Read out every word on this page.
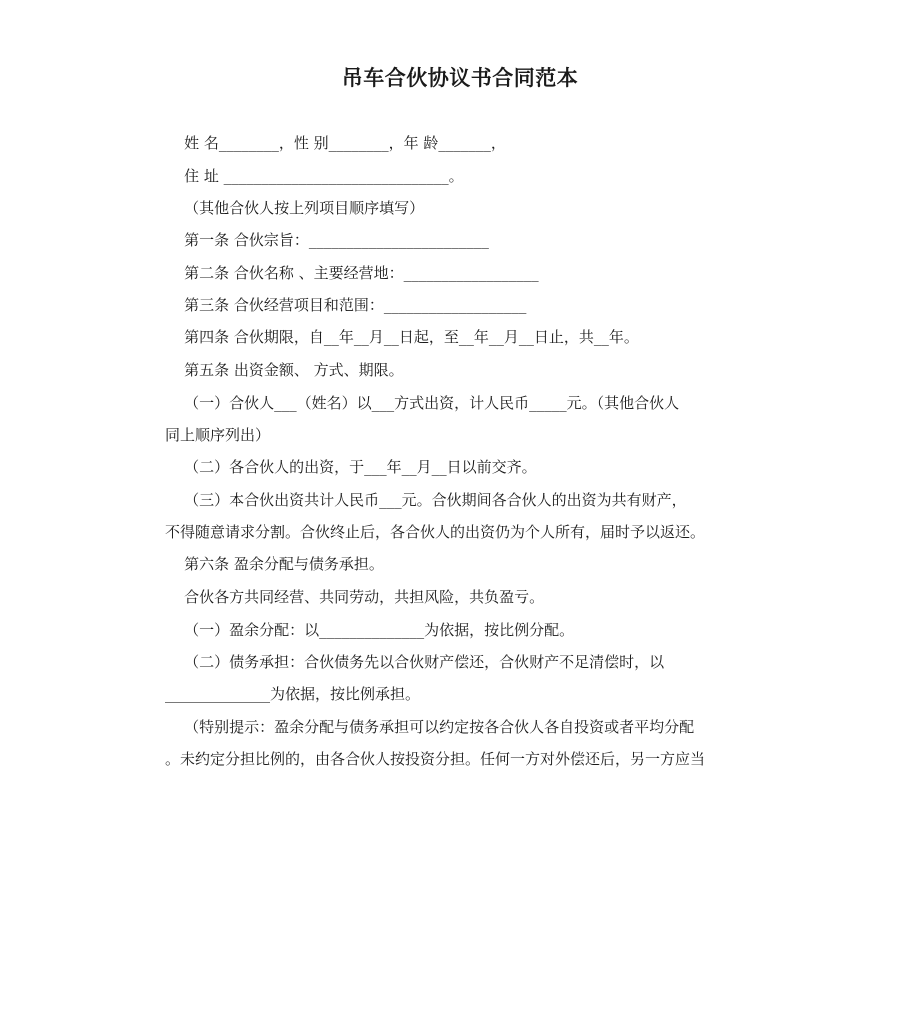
吊车合伙协议书合同范本
姓 名________，性 别________，年 龄_______，
住 址 ______________________________。
（其他合伙人按上列项目顺序填写）
第一条 合伙宗旨：________________________
第二条 合伙名称 、主要经营地：__________________
第三条 合伙经营项目和范围：___________________
第四条 合伙期限，自__年__月__日起，至__年__月__日止，共__年。
第五条 出资金额、 方式、期限。
（一）合伙人___（姓名）以___方式出资，计人民币_____元。（其他合伙人
同上顺序列出）
（二）各合伙人的出资，于___年__月__日以前交齐。
（三）本合伙出资共计人民币___元。合伙期间各合伙人的出资为共有财产，
不得随意请求分割。合伙终止后，各合伙人的出资仍为个人所有，届时予以返还。
第六条 盈余分配与债务承担。
合伙各方共同经营、共同劳动，共担风险，共负盈亏。
（一）盈余分配：以______________为依据，按比例分配。
（二）债务承担：合伙债务先以合伙财产偿还，合伙财产不足清偿时，以
______________为依据，按比例承担。
（特别提示：盈余分配与债务承担可以约定按各合伙人各自投资或者平均分配
。未约定分担比例的，由各合伙人按投资分担。任何一方对外偿还后，另一方应当
